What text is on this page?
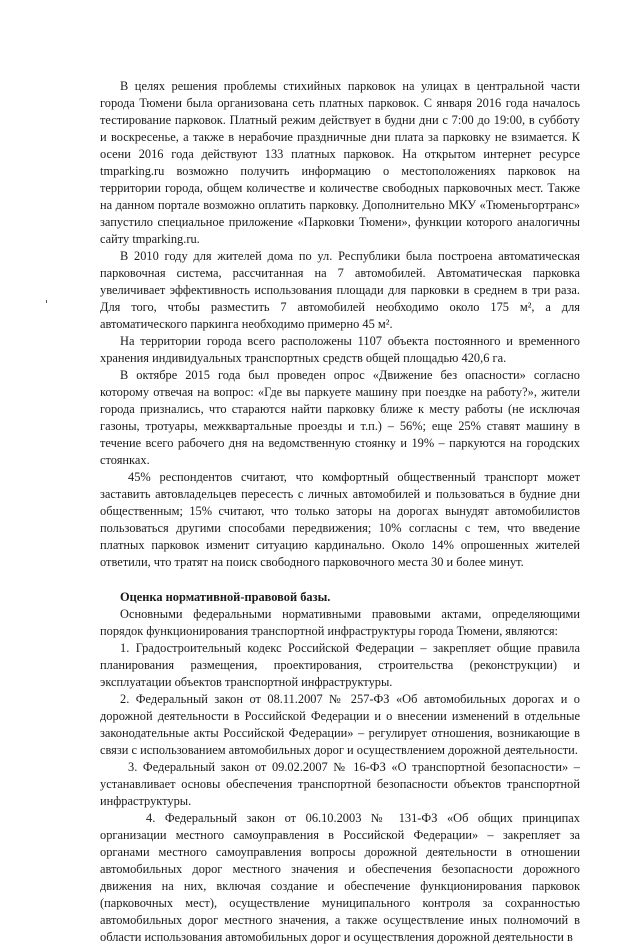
В целях решения проблемы стихийных парковок на улицах в центральной части города Тюмени была организована сеть платных парковок. С января 2016 года началось тестирование парковок. Платный режим действует в будни дни с 7:00 до 19:00, в субботу и воскресенье, а также в нерабочие праздничные дни плата за парковку не взимается. К осени 2016 года действуют 133 платных парковок. На открытом интернет ресурсе tmparking.ru возможно получить информацию о местоположениях парковок на территории города, общем количестве и количестве свободных парковочных мест. Также на данном портале возможно оплатить парковку. Дополнительно МКУ «Тюменьгортранс» запустило специальное приложение «Парковки Тюмени», функции которого аналогичны сайту tmparking.ru.

В 2010 году для жителей дома по ул. Республики была построена автоматическая парковочная система, рассчитанная на 7 автомобилей. Автоматическая парковка увеличивает эффективность использования площади для парковки в среднем в три раза. Для того, чтобы разместить 7 автомобилей необходимо около 175 м², а для автоматического паркинга необходимо примерно 45 м².

На территории города всего расположены 1107 объекта постоянного и временного хранения индивидуальных транспортных средств общей площадью 420,6 га.

В октябре 2015 года был проведен опрос «Движение без опасности» согласно которому отвечая на вопрос: «Где вы паркуете машину при поездке на работу?», жители города признались, что стараются найти парковку ближе к месту работы (не исключая газоны, тротуары, межквартальные проезды и т.п.) – 56%; еще 25% ставят машину в течение всего рабочего дня на ведомственную стоянку и 19% – паркуются на городских стоянках.

45% респондентов считают, что комфортный общественный транспорт может заставить автовладельцев пересесть с личных автомобилей и пользоваться в будние дни общественным; 15% считают, что только заторы на дорогах вынудят автомобилистов пользоваться другими способами передвижения; 10% согласны с тем, что введение платных парковок изменит ситуацию кардинально. Около 14% опрошенных жителей ответили, что тратят на поиск свободного парковочного места 30 и более минут.

Оценка нормативной-правовой базы.

Основными федеральными нормативными правовыми актами, определяющими порядок функционирования транспортной инфраструктуры города Тюмени, являются:

1. Градостроительный кодекс Российской Федерации – закрепляет общие правила планирования размещения, проектирования, строительства (реконструкции) и эксплуатации объектов транспортной инфраструктуры.

2. Федеральный закон от 08.11.2007 № 257-ФЗ «Об автомобильных дорогах и о дорожной деятельности в Российской Федерации и о внесении изменений в отдельные законодательные акты Российской Федерации» – регулирует отношения, возникающие в связи с использованием автомобильных дорог и осуществлением дорожной деятельности.

3. Федеральный закон от 09.02.2007 № 16-ФЗ «О транспортной безопасности» – устанавливает основы обеспечения транспортной безопасности объектов транспортной инфраструктуры.

4. Федеральный закон от 06.10.2003 № 131-ФЗ «Об общих принципах организации местного самоуправления в Российской Федерации» – закрепляет за органами местного самоуправления вопросы дорожной деятельности в отношении автомобильных дорог местного значения и обеспечения безопасности дорожного движения на них, включая создание и обеспечение функционирования парковок (парковочных мест), осуществление муниципального контроля за сохранностью автомобильных дорог местного значения, а также осуществление иных полномочий в области использования автомобильных дорог и осуществления дорожной деятельности в
